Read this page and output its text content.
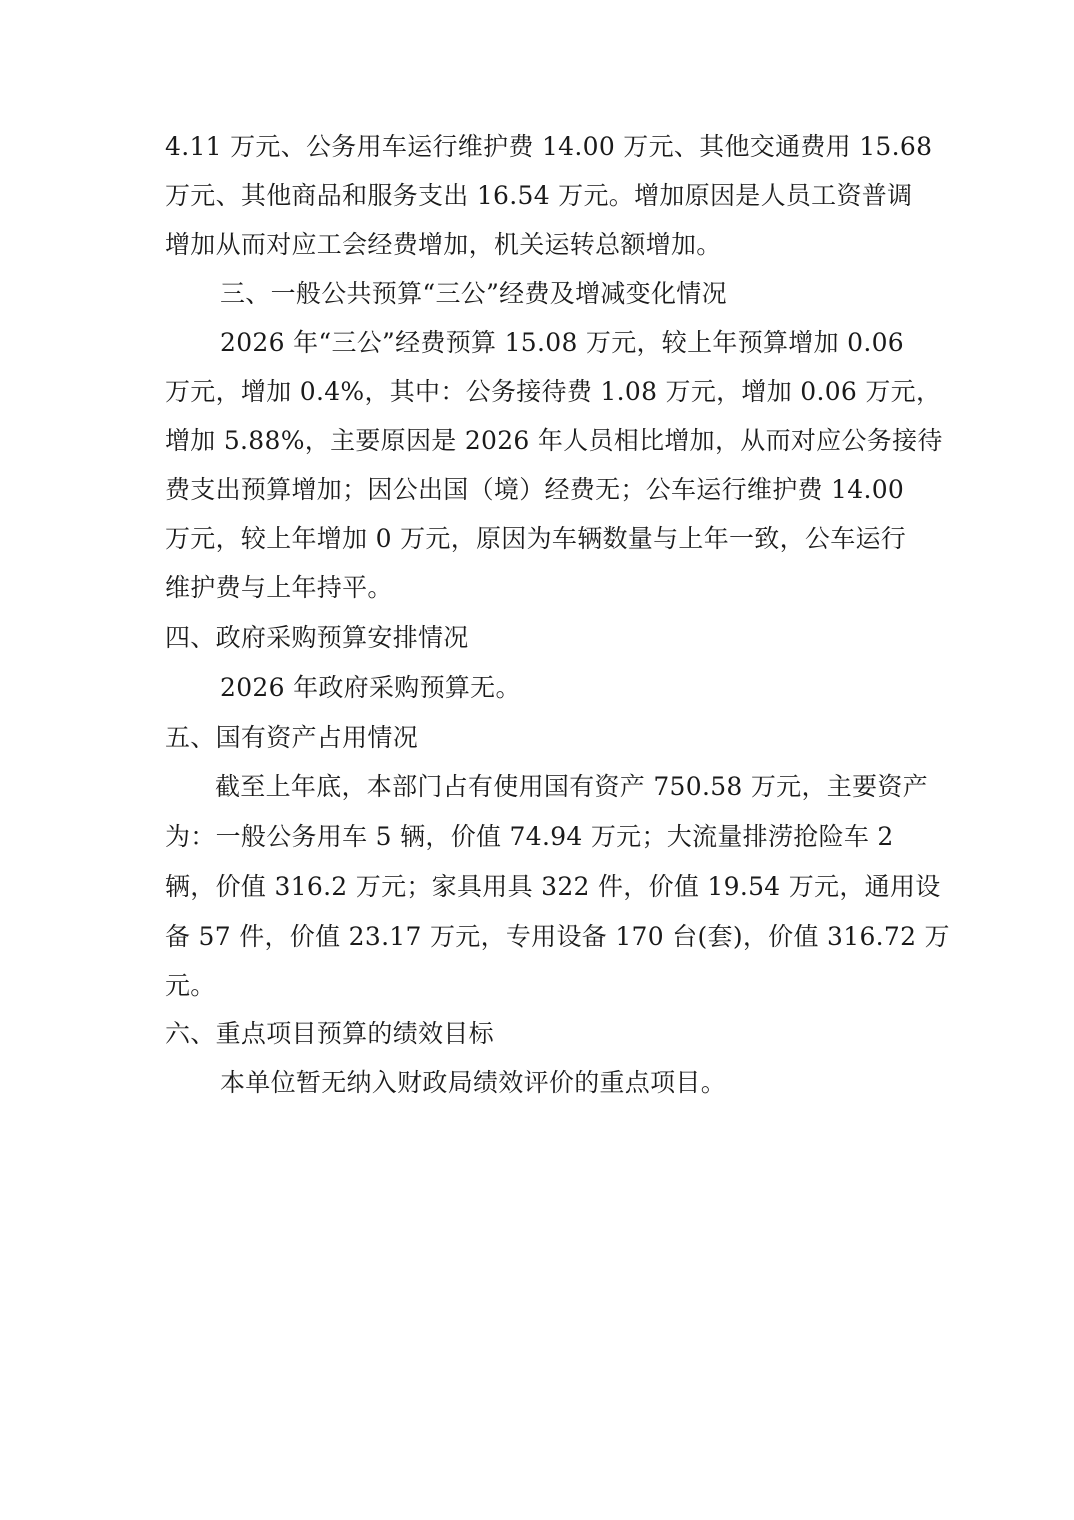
4.11 万元、公务用车运行维护费 14.00 万元、其他交通费用 15.68
万元、其他商品和服务支出 16.54 万元。增加原因是人员工资普调
增加从而对应工会经费增加，机关运转总额增加。
三、一般公共预算“三公”经费及增减变化情况
2026 年“三公”经费预算 15.08 万元，较上年预算增加 0.06
万元，增加 0.4%，其中：公务接待费 1.08 万元，增加 0.06 万元，
增加 5.88%，主要原因是 2026 年人员相比增加，从而对应公务接待
费支出预算增加；因公出国（境）经费无；公车运行维护费 14.00
万元，较上年增加 0 万元，原因为车辆数量与上年一致，公车运行
维护费与上年持平。
四、政府采购预算安排情况
2026 年政府采购预算无。
五、国有资产占用情况
截至上年底，本部门占有使用国有资产 750.58 万元，主要资产
为：一般公务用车 5 辆，价值 74.94 万元；大流量排涝抢险车 2
辆，价值 316.2 万元；家具用具 322 件，价值 19.54 万元，通用设
备 57 件，价值 23.17 万元，专用设备 170 台(套)，价值 316.72 万
元。
六、重点项目预算的绩效目标
本单位暂无纳入财政局绩效评价的重点项目。
